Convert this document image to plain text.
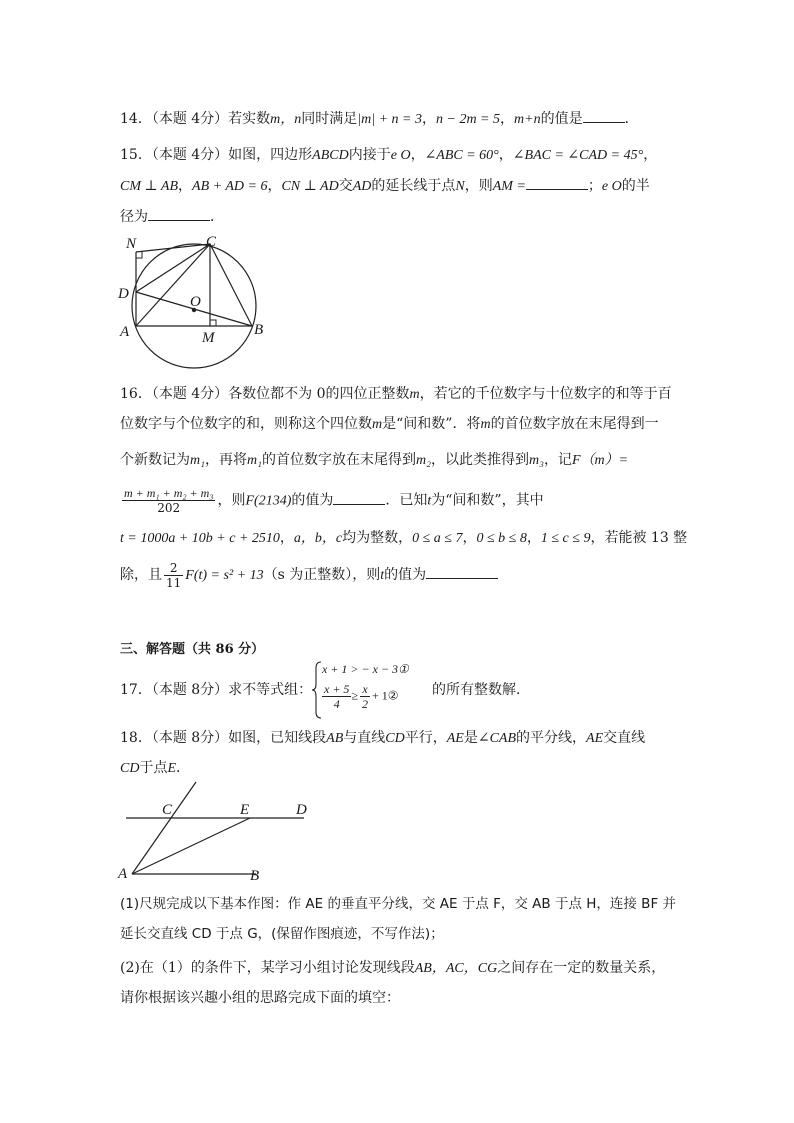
14．（本题 4分）若实数m，n同时满足|m| + n = 3，n − 2m = 5，m+n的值是	．
15．（本题 4分）如图，四边形ABCD内接于e O，∠ABC = 60°，∠BAC = ∠CAD = 45°，
CM ⊥ AB，AB + AD = 6，CN ⊥ AD交AD的延长线于点N，则AM =	；e O的半
径为	．
N	C
D	O
A	M	B
16．（本题 4分）各数位都不为 0的四位正整数m，若它的千位数字与十位数字的和等于百
位数字与个位数字的和，则称这个四位数m是“间和数”．将m的首位数字放在末尾得到一
个新数记为m₁，再将m₁的首位数字放在末尾得到m₂，以此类推得到m₃，记F（m）=
$\frac{\text{m + m₁ + m₂ + m₃}}{202}$ ，则F(2134)的值为	．已知t为“间和数”，其中
t = 1000a + 10b + c + 2510，a，b，c均为整数，0 ≤ a ≤ 7，0 ≤ b ≤ 8，1 ≤ c ≤ 9，若能被 13 整
除，且 $\frac{2}{11} F(t) = s^2 + 13(s$ 为正整数），则t的值为
三、解答题（共 86 分）
17．（本题 8分）求不等式组：
x + 1 > − x − 3①
$\frac{x + 5}{4} \ge \frac{x}{2}$ + 1② 的所有整数解．
18．（本题 8分）如图，已知线段AB与直线CD平行，AE是∠CAB的平分线，AE交直线
CD于点E．
C	E	D
A	B
(1)尺规完成以下基本作图：作 AE 的垂直平分线，交 AE 于点 F，交 AB 于点 H，连接 BF 并
延长交直线 CD 于点 G，(保留作图痕迹，不写作法)；
(2)在（1）的条件下，某学习小组讨论发现线段AB，AC，CG之间存在一定的数量关系，
请你根据该兴趣小组的思路完成下面的填空：
